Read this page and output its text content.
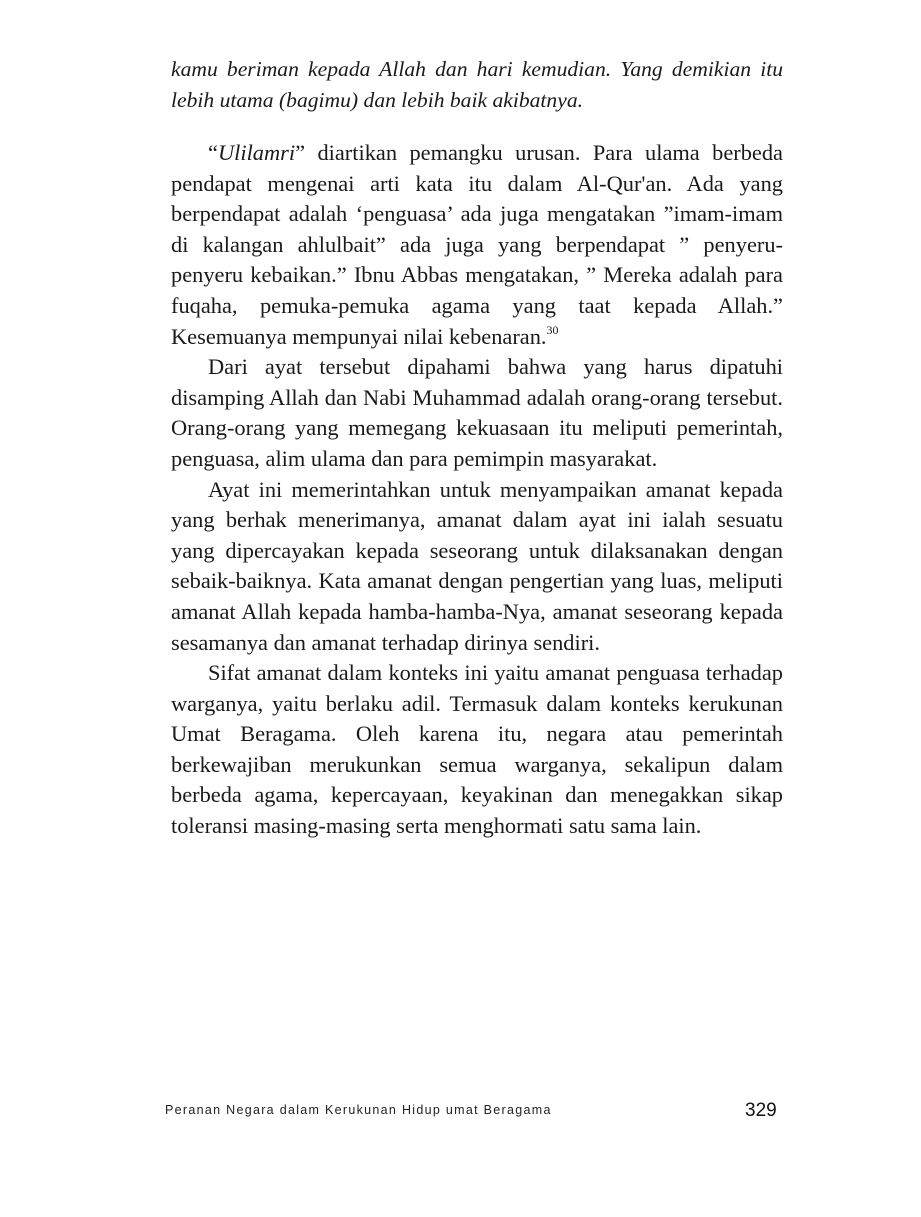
kamu beriman kepada Allah dan hari kemudian. Yang demikian itu lebih utama (bagimu) dan lebih baik akibatnya.

“Ulilamri” diartikan pemangku urusan. Para ulama berbeda pendapat mengenai arti kata itu dalam Al-Qur'an. Ada yang berpendapat adalah ‘penguasa’ ada juga mengatakan ”imam-imam di kalangan ahlulbait” ada juga yang berpendapat ” penyeru-penyeru kebaikan.” Ibnu Abbas mengatakan, ” Mereka adalah para fuqaha, pemuka-pemuka agama yang taat kepada Allah.” Kesemuanya mempunyai nilai kebenaran.$^{30}$

Dari ayat tersebut dipahami bahwa yang harus dipatuhi disamping Allah dan Nabi Muhammad adalah orang-orang tersebut. Orang-orang yang memegang kekuasaan itu meliputi pemerintah, penguasa, alim ulama dan para pemimpin masyarakat.

Ayat ini memerintahkan untuk menyampaikan amanat kepada yang berhak menerimanya, amanat dalam ayat ini ialah sesuatu yang dipercayakan kepada seseorang untuk dilaksanakan dengan sebaik-baiknya. Kata amanat dengan pengertian yang luas, meliputi amanat Allah kepada hamba-hamba-Nya, amanat seseorang kepada sesamanya dan amanat terhadap dirinya sendiri.

Sifat amanat dalam konteks ini yaitu amanat penguasa terhadap warganya, yaitu berlaku adil. Termasuk dalam konteks kerukunan Umat Beragama. Oleh karena itu, negara atau pemerintah berkewajiban merukunkan semua warganya, sekalipun dalam berbeda agama, kepercayaan, keyakinan dan menegakkan sikap toleransi masing-masing serta menghormati satu sama lain.

Peranan Negara dalam Kerukunan Hidup umat Beragama	329
